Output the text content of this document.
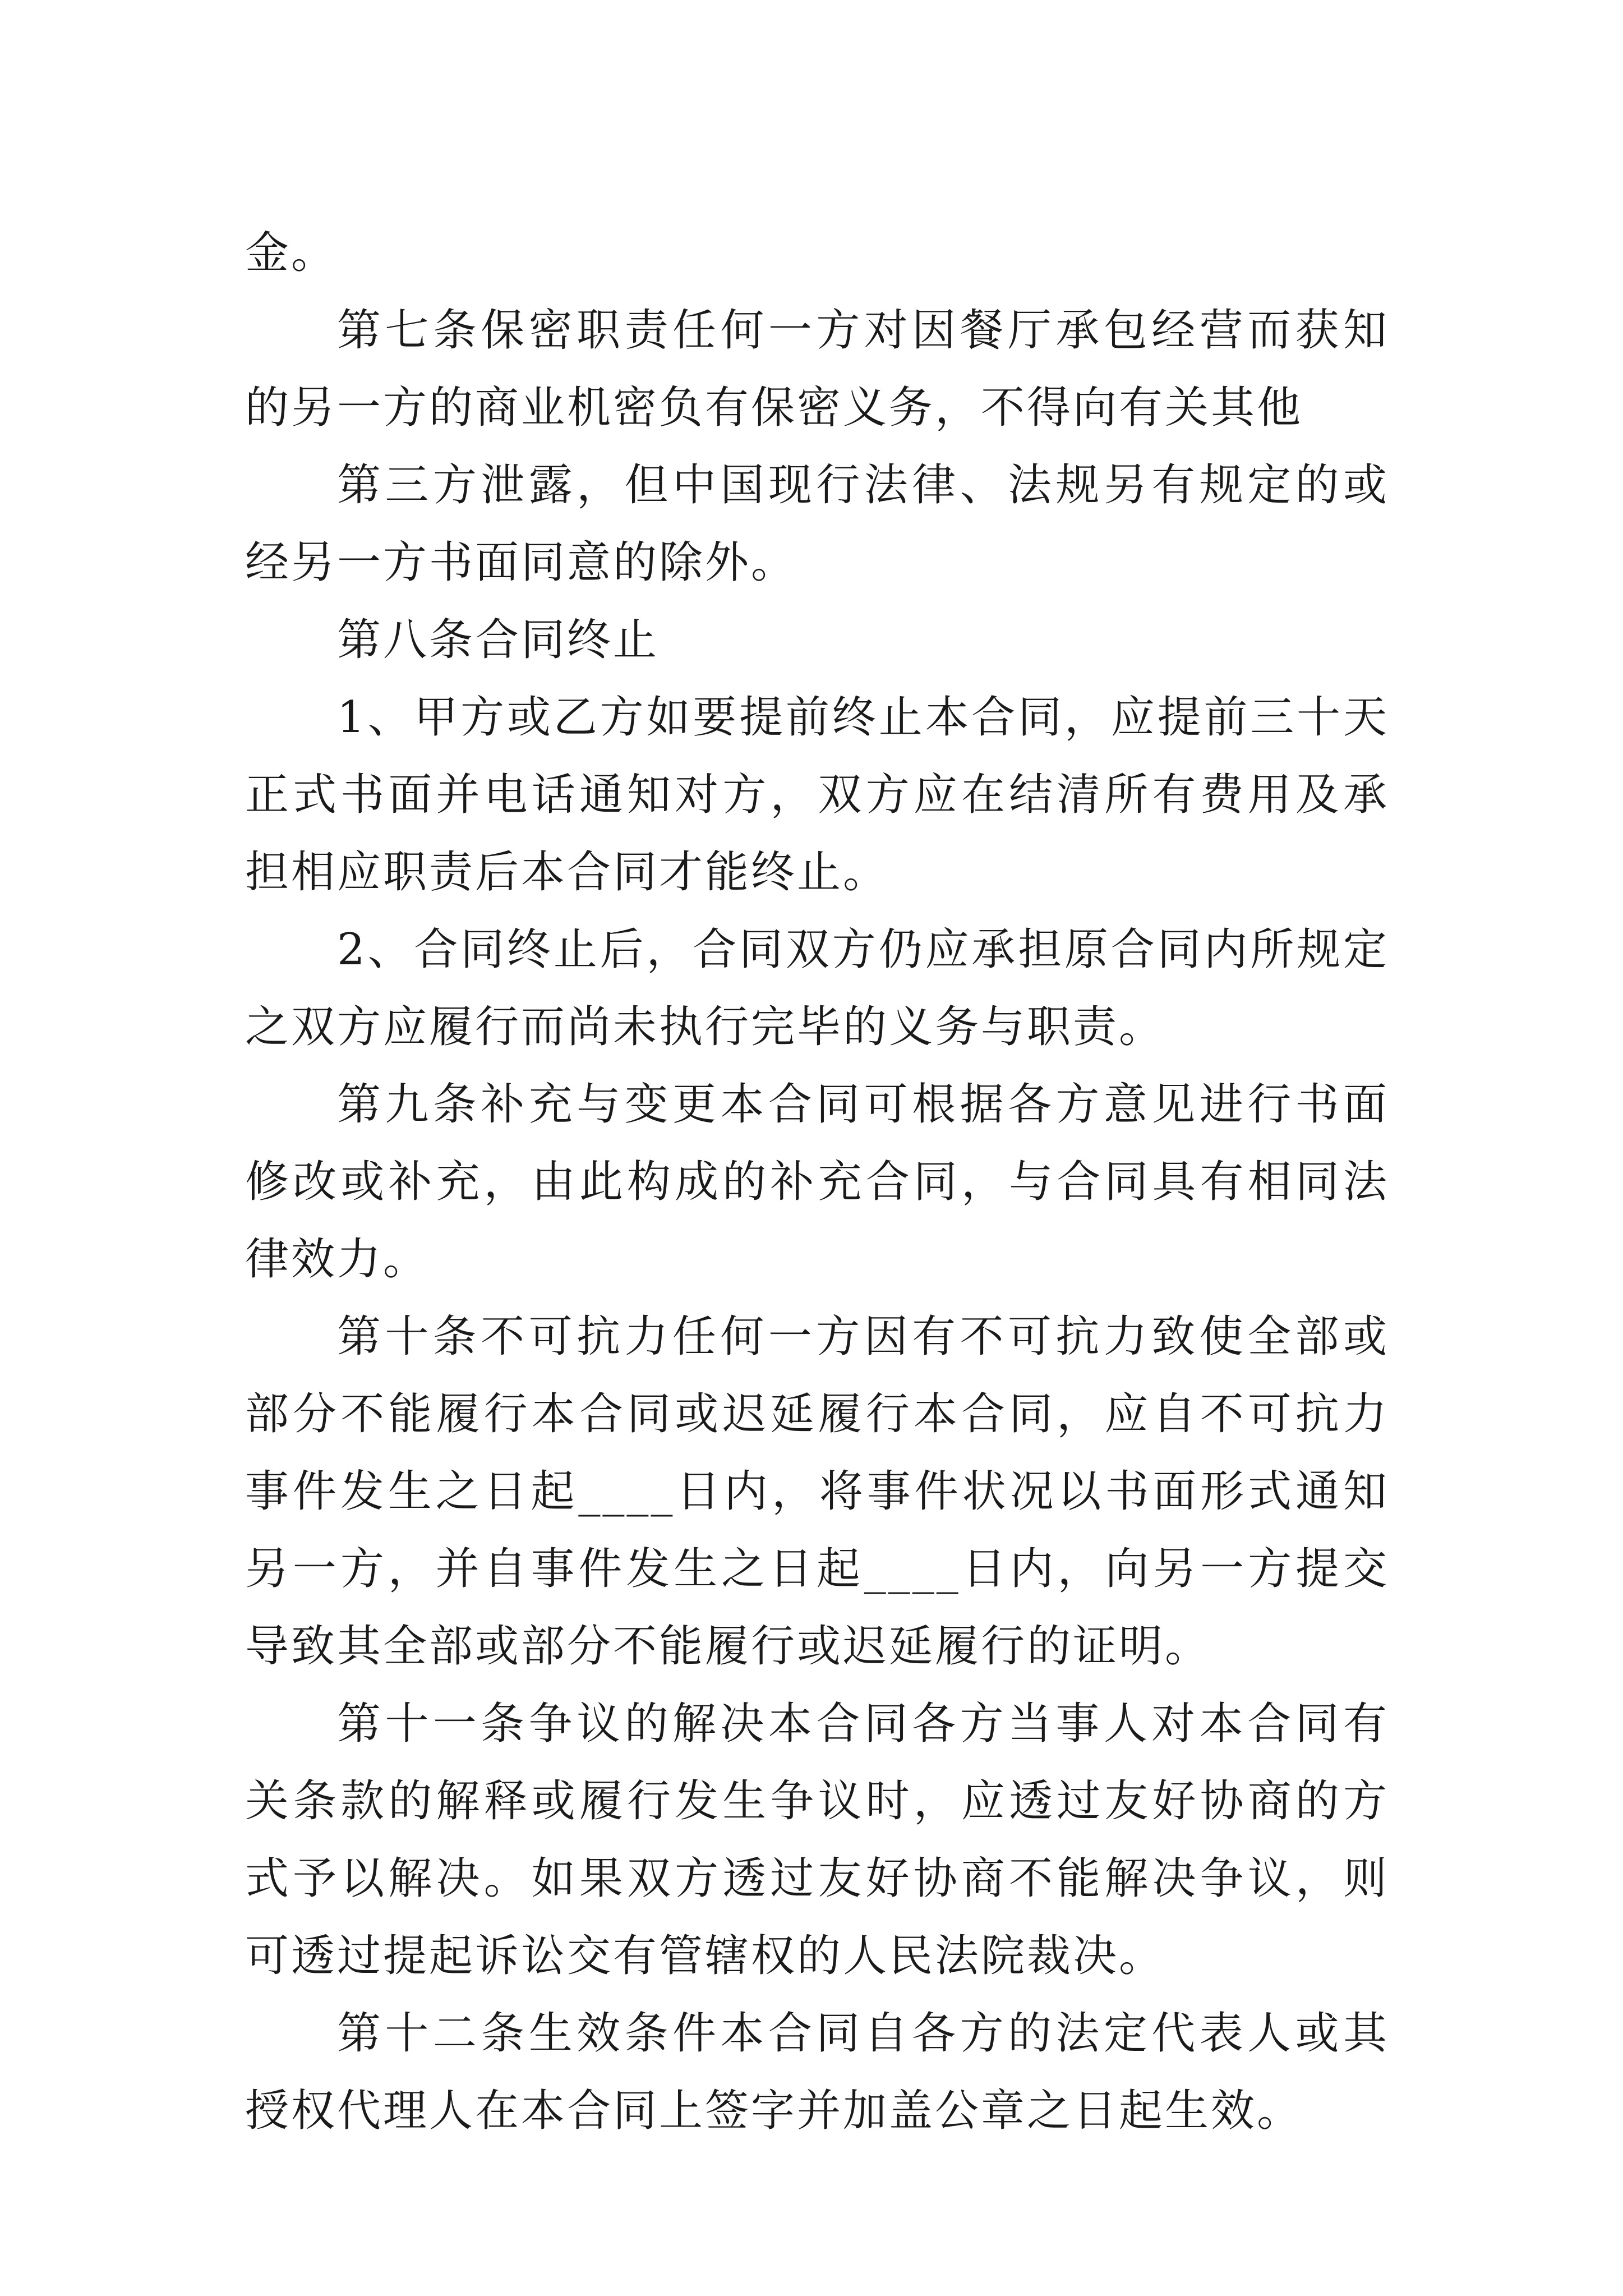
金。

第七条保密职责任何一方对因餐厅承包经营而获知的另一方的商业机密负有保密义务，不得向有关其他

第三方泄露，但中国现行法律、法规另有规定的或经另一方书面同意的除外。

第八条合同终止

1、甲方或乙方如要提前终止本合同，应提前三十天正式书面并电话通知对方，双方应在结清所有费用及承担相应职责后本合同才能终止。

2、合同终止后，合同双方仍应承担原合同内所规定之双方应履行而尚未执行完毕的义务与职责。

第九条补充与变更本合同可根据各方意见进行书面修改或补充，由此构成的补充合同，与合同具有相同法律效力。

第十条不可抗力任何一方因有不可抗力致使全部或部分不能履行本合同或迟延履行本合同，应自不可抗力事件发生之日起____日内，将事件状况以书面形式通知另一方，并自事件发生之日起____日内，向另一方提交导致其全部或部分不能履行或迟延履行的证明。

第十一条争议的解决本合同各方当事人对本合同有关条款的解释或履行发生争议时，应透过友好协商的方式予以解决。如果双方透过友好协商不能解决争议，则可透过提起诉讼交有管辖权的人民法院裁决。

第十二条生效条件本合同自各方的法定代表人或其授权代理人在本合同上签字并加盖公章之日起生效。
